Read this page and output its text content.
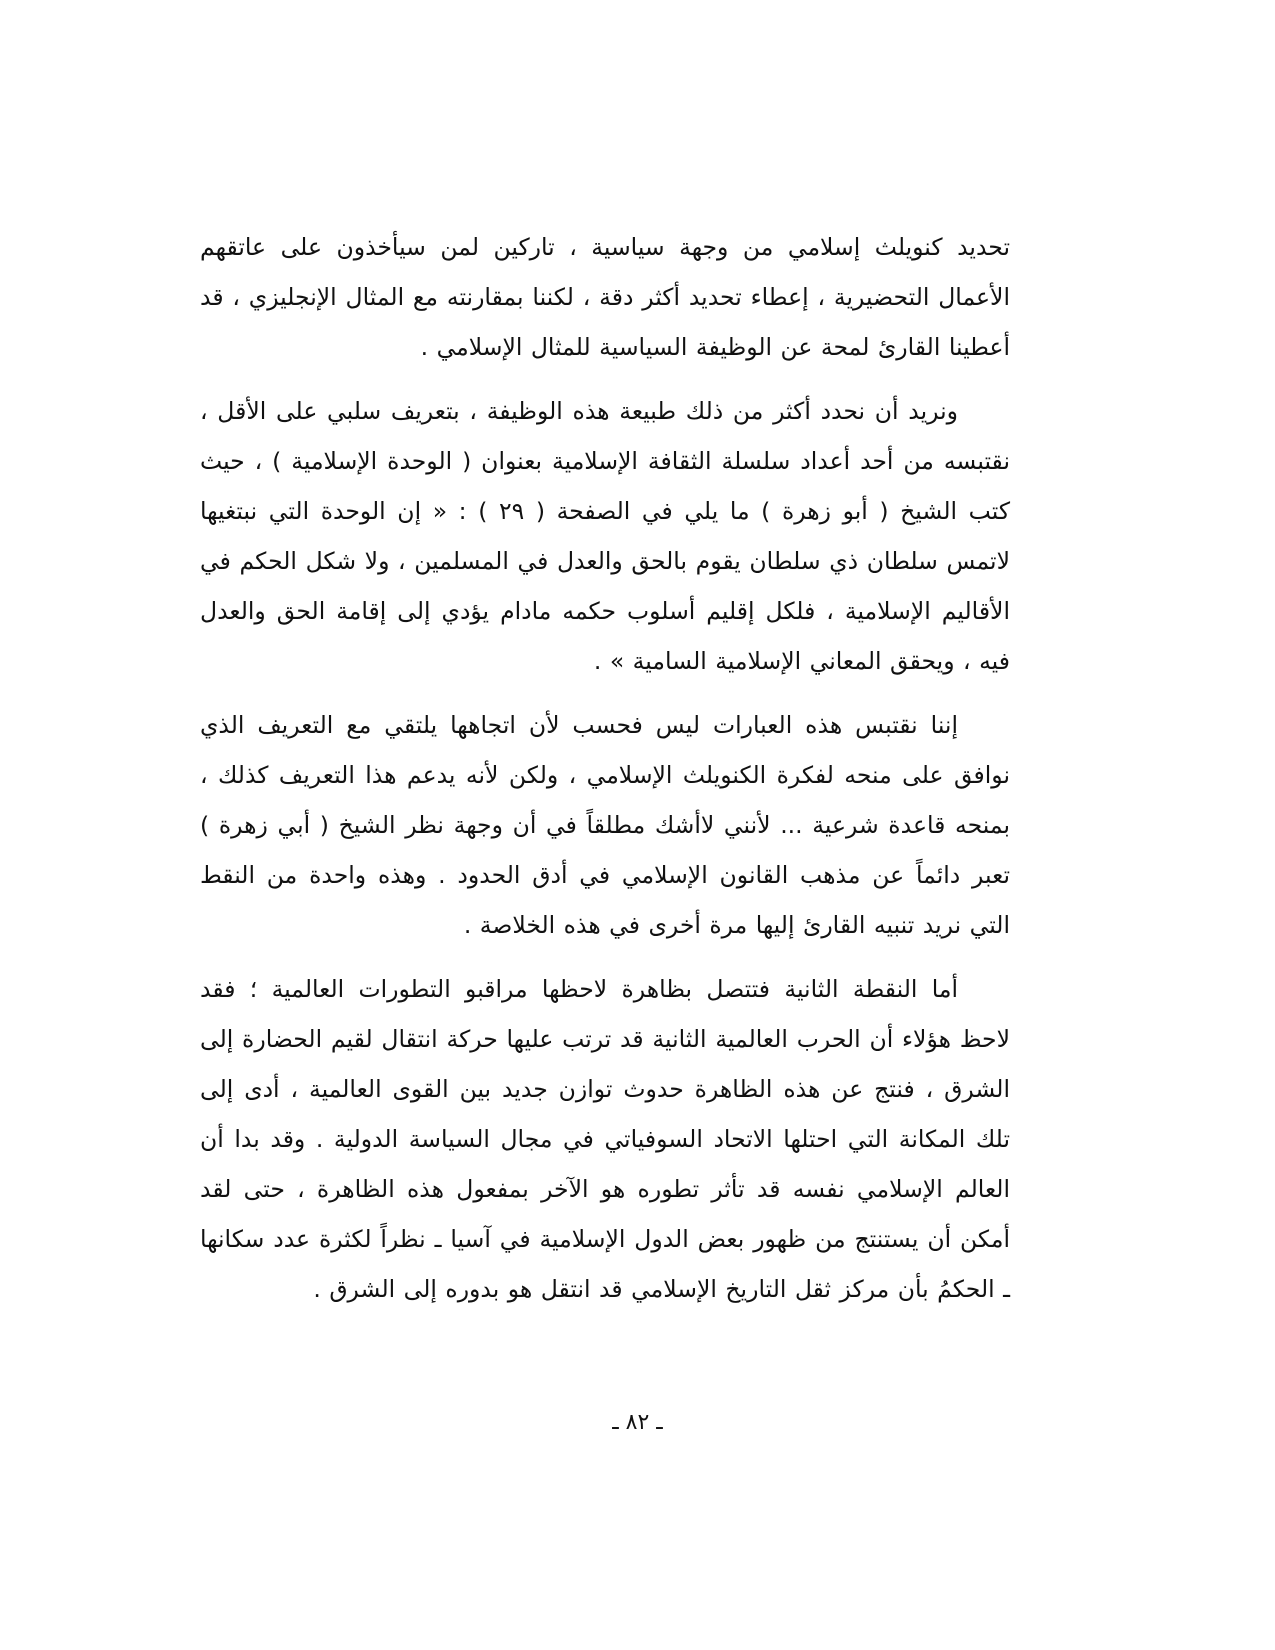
تحديد كنويلث إسلامي من وجهة سياسية ، تاركين لمن سيأخذون على عاتقهم الأعمال التحضيرية ، إعطاء تحديد أكثر دقة ، لكننا بمقارنته مع المثال الإنجليزي ، قد أعطينا القارئ لمحة عن الوظيفة السياسية للمثال الإسلامي .

ونريد أن نحدد أكثر من ذلك طبيعة هذه الوظيفة ، بتعريف سلبي على الأقل ، نقتبسه من أحد أعداد سلسلة الثقافة الإسلامية بعنوان ( الوحدة الإسلامية ) ، حيث كتب الشيخ ( أبو زهرة ) ما يلي في الصفحة ( ٢٩ ) : « إن الوحدة التي نبتغيها لاتمس سلطان ذي سلطان يقوم بالحق والعدل في المسلمين ، ولا شكل الحكم في الأقاليم الإسلامية ، فلكل إقليم أسلوب حكمه مادام يؤدي إلى إقامة الحق والعدل فيه ، ويحقق المعاني الإسلامية السامية » .

إننا نقتبس هذه العبارات ليس فحسب لأن اتجاهها يلتقي مع التعريف الذي نوافق على منحه لفكرة الكنويلث الإسلامي ، ولكن لأنه يدعم هذا التعريف كذلك ، بمنحه قاعدة شرعية ... لأنني لاأشك مطلقاً في أن وجهة نظر الشيخ ( أبي زهرة ) تعبر دائماً عن مذهب القانون الإسلامي في أدق الحدود . وهذه واحدة من النقط التي نريد تنبيه القارئ إليها مرة أخرى في هذه الخلاصة .

أما النقطة الثانية فتتصل بظاهرة لاحظها مراقبو التطورات العالمية ؛ فقد لاحظ هؤلاء أن الحرب العالمية الثانية قد ترتب عليها حركة انتقال لقيم الحضارة إلى الشرق ، فنتج عن هذه الظاهرة حدوث توازن جديد بين القوى العالمية ، أدى إلى تلك المكانة التي احتلها الاتحاد السوفياتي في مجال السياسة الدولية . وقد بدا أن العالم الإسلامي نفسه قد تأثر تطوره هو الآخر بمفعول هذه الظاهرة ، حتى لقد أمكن أن يستنتج من ظهور بعض الدول الإسلامية في آسيا ـ نظراً لكثرة عدد سكانها ـ الحكمُ بأن مركز ثقل التاريخ الإسلامي قد انتقل هو بدوره إلى الشرق .

ـ ٨٢ ـ
